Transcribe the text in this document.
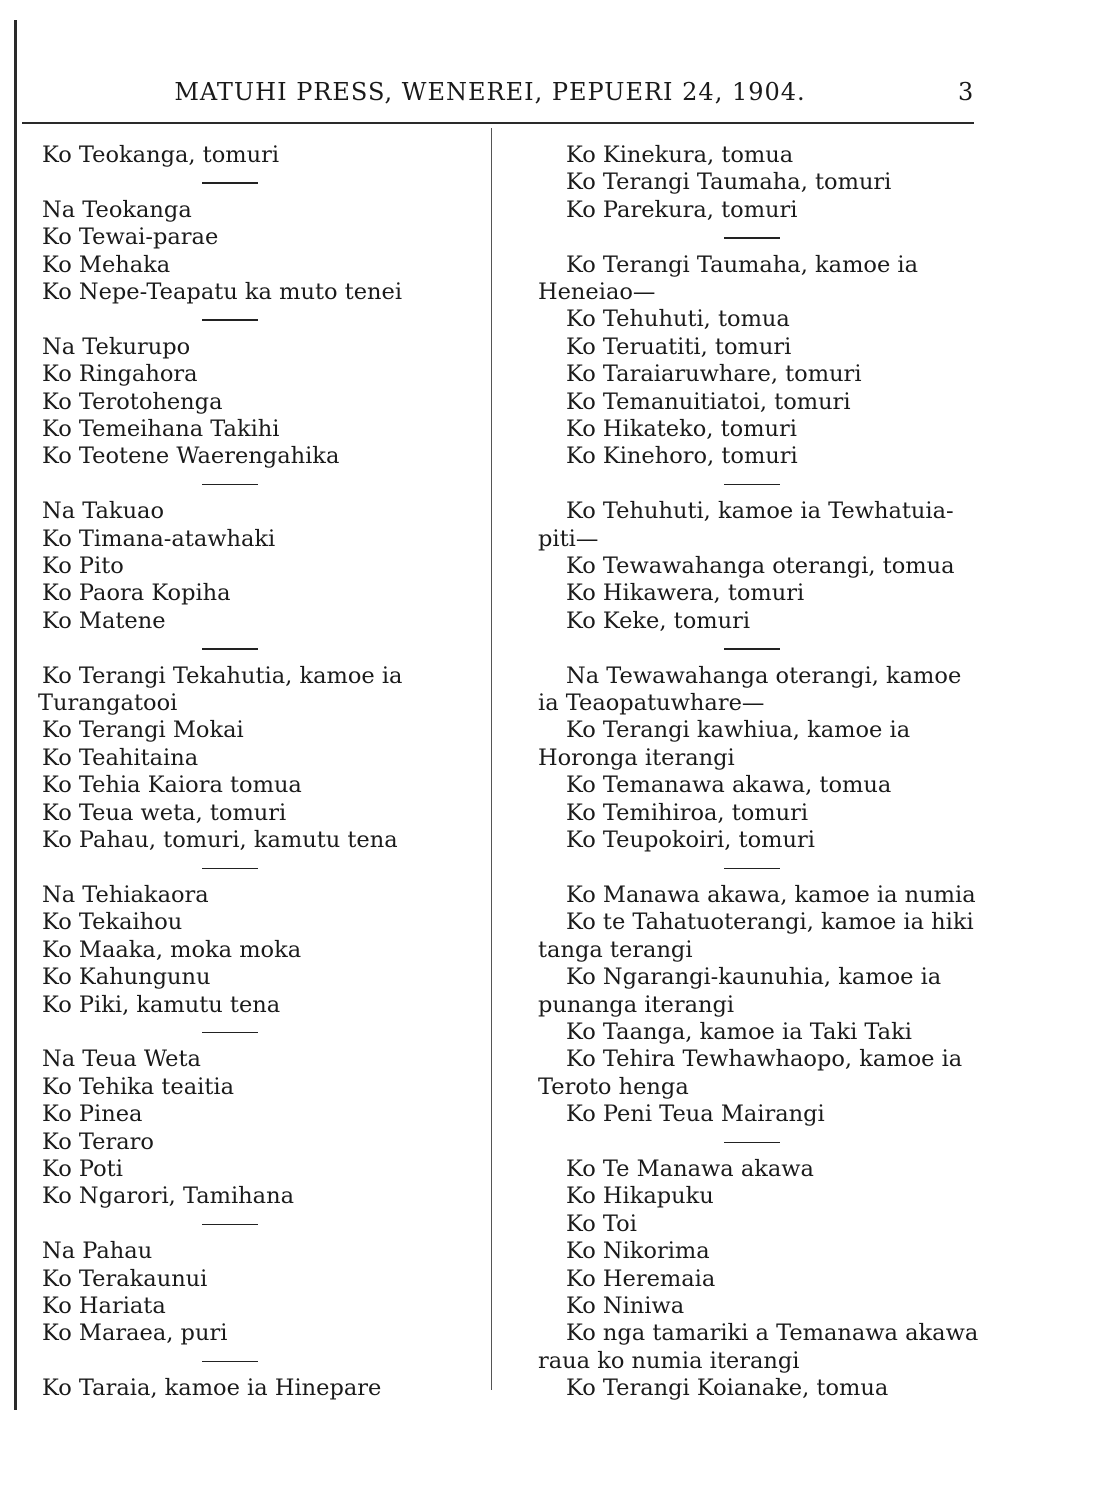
MATUHI PRESS, WENEREI, PEPUERI 24, 1904.	3
Ko Teokanga, tomuri
Na Teokanga
Ko Tewai-parae
Ko Mehaka
Ko Nepe-Teapatu ka muto tenei
Na Tekurupo
Ko Ringahora
Ko Terotohenga
Ko Temeihana Takihi
Ko Teotene Waerengahika
Na Takuao
Ko Timana-atawhaki
Ko Pito
Ko Paora Kopiha
Ko Matene
Ko Terangi Tekahutia, kamoe ia
Turangatooi
Ko Terangi Mokai
Ko Teahitaina
Ko Tehia Kaiora tomua
Ko Teua weta, tomuri
Ko Pahau, tomuri, kamutu tena
Na Tehiakaora
Ko Tekaihou
Ko Maaka, moka moka
Ko Kahungunu
Ko Piki, kamutu tena
Na Teua Weta
Ko Tehika teaitia
Ko Pinea
Ko Teraro
Ko Poti
Ko Ngarori, Tamihana
Na Pahau
Ko Terakaunui
Ko Hariata
Ko Maraea, puri
Ko Taraia, kamoe ia Hinepare
Ko Kinekura, tomua
Ko Terangi Taumaha, tomuri
Ko Parekura, tomuri
Ko Terangi Taumaha, kamoe ia
Heneiao—
Ko Tehuhuti, tomua
Ko Teruatiti, tomuri
Ko Taraiaruwhare, tomuri
Ko Temanuitiatoi, tomuri
Ko Hikateko, tomuri
Ko Kinehoro, tomuri
Ko Tehuhuti, kamoe ia Tewhatuia-
piti—
Ko Tewawahanga oterangi, tomua
Ko Hikawera, tomuri
Ko Keke, tomuri
Na Tewawahanga oterangi, kamoe
ia Teaopatuwhare—
Ko Terangi kawhiua, kamoe ia
Horonga iterangi
Ko Temanawa akawa, tomua
Ko Temihiroa, tomuri
Ko Teupokoiri, tomuri
Ko Manawa akawa, kamoe ia numia
Ko te Tahatuoterangi, kamoe ia hiki
tanga terangi
Ko Ngarangi-kaunuhia, kamoe ia
punanga iterangi
Ko Taanga, kamoe ia Taki Taki
Ko Tehira Tewhawhaopo, kamoe ia
Teroto henga
Ko Peni Teua Mairangi
Ko Te Manawa akawa
Ko Hikapuku
Ko Toi
Ko Nikorima
Ko Heremaia
Ko Niniwa
Ko nga tamariki a Temanawa akawa
raua ko numia iterangi
Ko Terangi Koianake, tomua
